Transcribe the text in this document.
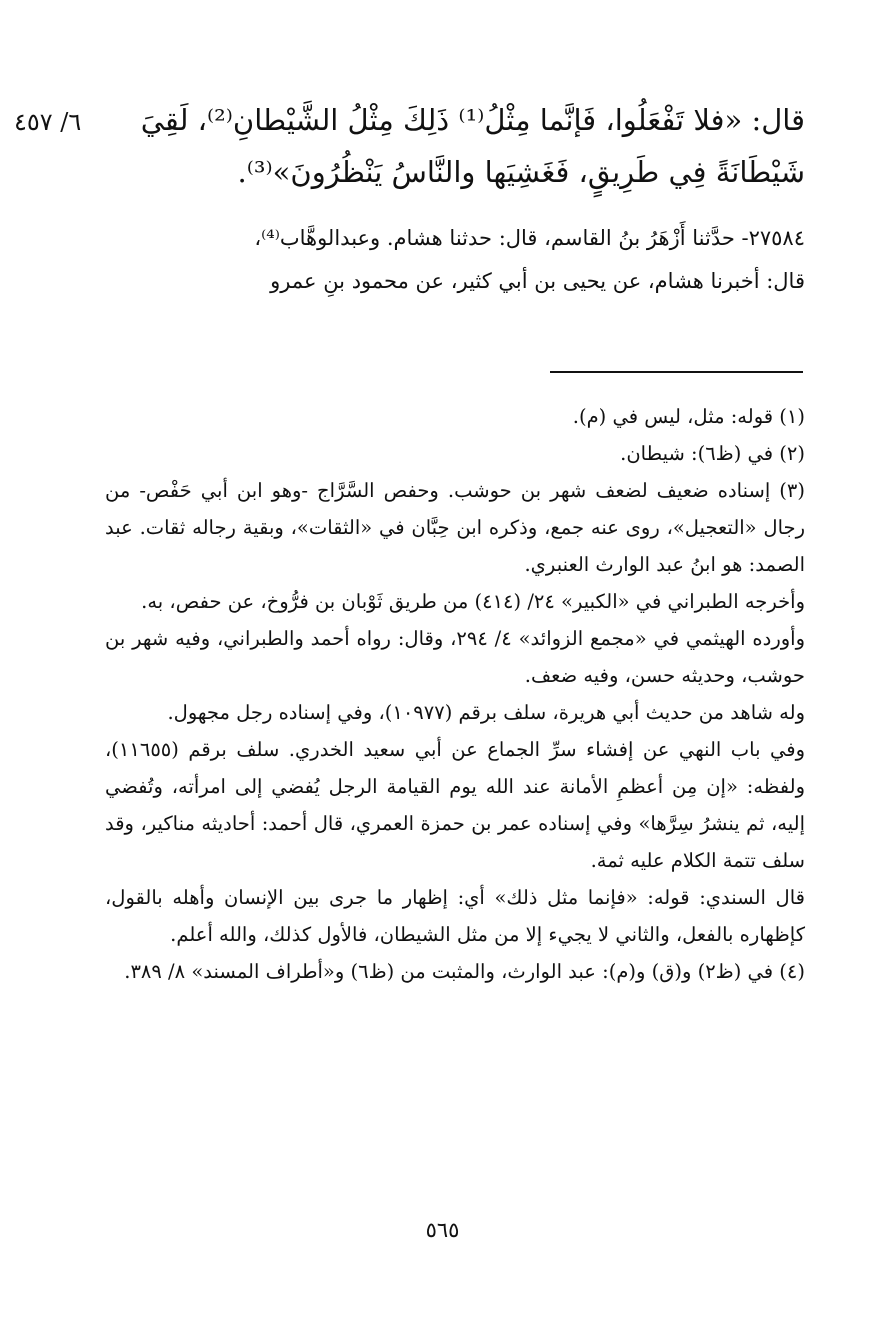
٦/ ٤٥٧	قال: «فلا تَفْعَلُوا، فَإنَّما مِثْلُ⁽¹⁾ ذَلِكَ مِثْلُ الشَّيْطانِ⁽²⁾، لَقِيَ
شَيْطَانَةً فِي طَرِيقٍ، فَغَشِيَها والنَّاسُ يَنْظُرُونَ»⁽³⁾.
٢٧٥٨٤- حدَّثنا أَزْهَرُ بنُ القاسم، قال: حدثنا هشام. وعبدالوهَّاب⁽⁴⁾،
قال: أخبرنا هشام، عن يحيى بن أبي كثير، عن محمود بنِ عمرو

(١) قوله: مثل، ليس في (م).

(٢) في (ظ٦): شيطان.

(٣) إسناده ضعيف لضعف شهر بن حوشب. وحفص السَّرَّاج -وهو ابن أبي حَفْص- من رجال «التعجيل»، روى عنه جمع، وذكره ابن حِبَّان في «الثقات»، وبقية رجاله ثقات. عبد الصمد: هو ابنُ عبد الوارث العنبري.

وأخرجه الطبراني في «الكبير» ٢٤/ (٤١٤) من طريق ثَوْبان بن فرُّوخ، عن حفص، به.

وأورده الهيثمي في «مجمع الزوائد» ٤/ ٢٩٤، وقال: رواه أحمد والطبراني، وفيه شهر بن حوشب، وحديثه حسن، وفيه ضعف.

وله شاهد من حديث أبي هريرة، سلف برقم (١٠٩٧٧)، وفي إسناده رجل مجهول.

وفي باب النهي عن إفشاء سرِّ الجماع عن أبي سعيد الخدري. سلف برقم (١١٦٥٥)، ولفظه: «إن مِن أعظمِ الأمانة عند الله يوم القيامة الرجل يُفضي إلى امرأته، وتُفضي إليه، ثم ينشرُ سِرَّها» وفي إسناده عمر بن حمزة العمري، قال أحمد: أحاديثه مناكير، وقد سلف تتمة الكلام عليه ثمة.

قال السندي: قوله: «فإنما مثل ذلك» أي: إظهار ما جرى بين الإنسان وأهله بالقول، كإظهاره بالفعل، والثاني لا يجيء إلا من مثل الشيطان، فالأول كذلك، والله أعلم.

(٤) في (ظ٢) و(ق) و(م): عبد الوارث، والمثبت من (ظ٦) و«أطراف المسند» ٨/ ٣٨٩.

٥٦٥
